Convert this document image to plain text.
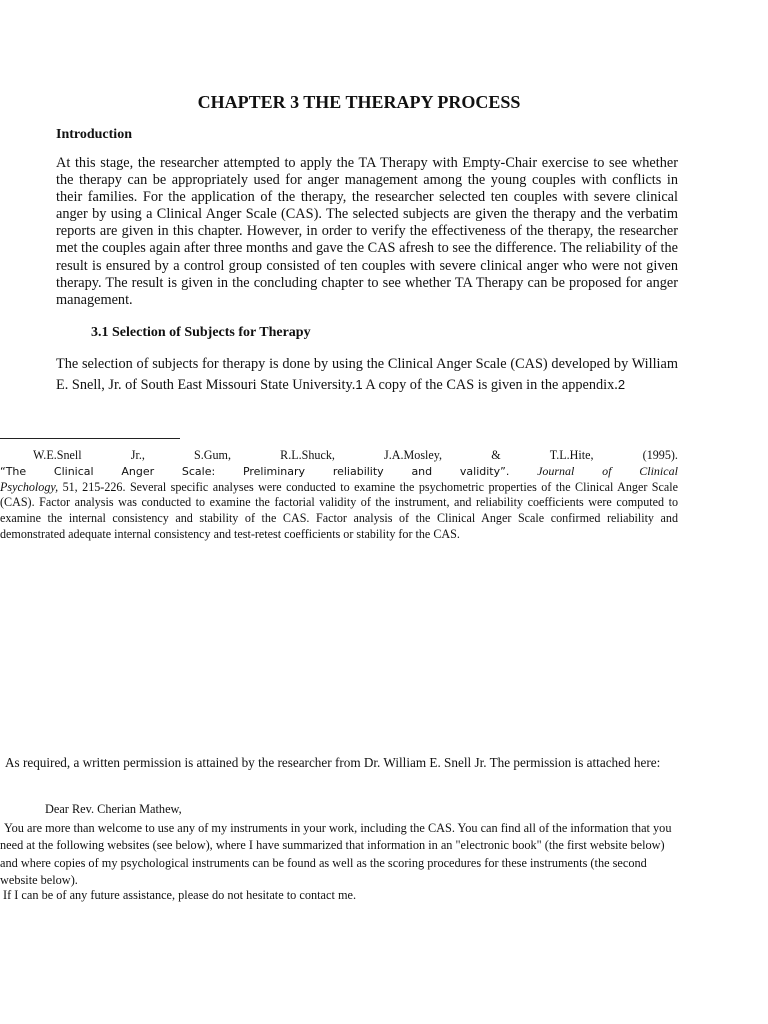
CHAPTER 3 THE THERAPY PROCESS
Introduction

At this stage, the researcher attempted to apply the TA Therapy with Empty-Chair exercise to see whether the therapy can be appropriately used for anger management among the young couples with conflicts in their families. For the application of the therapy, the researcher selected ten couples with severe clinical anger by using a Clinical Anger Scale (CAS). The selected subjects are given the therapy and the verbatim reports are given in this chapter. However, in order to verify the effectiveness of the therapy, the researcher met the couples again after three months and gave the CAS afresh to see the difference. The reliability of the result is ensured by a control group consisted of ten couples with severe clinical anger who were not given therapy. The result is given in the concluding chapter to see whether TA Therapy can be proposed for anger management.

3.1 Selection of Subjects for Therapy

The selection of subjects for therapy is done by using the Clinical Anger Scale (CAS) developed by William E. Snell, Jr. of South East Missouri State University.1 A copy of the CAS is given in the appendix.2

W.E.Snell	Jr.,	S.Gum,	R.L.Shuck,	J.A.Mosley,	&	T.L.Hite,	(1995).
“The	Clinical	Anger	Scale:	Preliminary	reliability	and	validity”. Journal of Clinical
Psychology, 51, 215-226. Several specific analyses were conducted to examine the psychometric properties of the Clinical Anger Scale (CAS). Factor analysis was conducted to examine the factorial validity of the instrument, and reliability coefficients were computed to examine the internal consistency and stability of the CAS. Factor analysis of the Clinical Anger Scale confirmed reliability and demonstrated adequate internal consistency and test-retest coefficients or stability for the CAS.

As required, a written permission is attained by the researcher from Dr. William E. Snell Jr. The permission is attached here:

Dear Rev. Cherian Mathew,

You are more than welcome to use any of my instruments in your work, including the CAS. You can find all of the information that you need at the following websites (see below), where I have summarized that information in an "electronic book" (the first website below) and where copies of my psychological instruments can be found as well as the scoring procedures for these instruments (the second website below).

If I can be of any future assistance, please do not hesitate to contact me.
